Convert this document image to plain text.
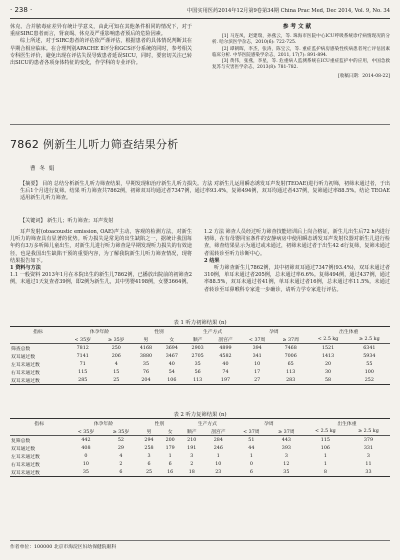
· 238 ·	中国实用医药2014年12月第9卷第34期 China Prac Med, Dec 2014, Vol. 9, No. 34

休克、合并脓毒症差异有统计学意义，由此可知在其他条件相同的情况下，对于重症SIRC患者而言，肾衰竭、休克及严重影响患者预后的危险因素。

综上所述，对于SIRC患者的评估依严谨评估，根据患者的具体情况判断其在早期合相应临床。在合理判别APACHE Ⅱ评分和GCS评分系统的同时，参考相关专科医生评价，避免出现在评估失误导致患者延误SICU，同时，要密切关注已转出SICU的患者各项身体特征的变化，作学科的专业评价。

参 考 文 献

[1] 马连凤，赵建瑞，孙燕云，等. 珠海市医院中心ICU呼吸系统诊疗病情现况的分析. 哈尔滨医学杂志，2010(6): 722-725.

[2] 谭朝晖，李杰，张涛，陈宝云，等. 重症监护病房感染性疾病患者死亡评估因素临床分析. 中华医院感染学杂志，2011, 17(7): 891-894.

[3] 黄伟，张燕，李星，等. 危重病人监测系统在ICU重症监护中的应用，中国急救复苏与灾害医学杂志，2013(8): 781-782.

[收稿日期：2014-08-22]
7862 例新生儿听力筛查结果分析
曹 冬 娟
【摘要】 目的 总结分析新生儿听力筛查结果，早期发现和治疗新生儿听力损失。方法 对新生儿运用瞬态诱发耳声发射(TEOAE)进行听力初筛，初筛未通过者，于出生后1个月进行复筛。结果 听力筛查共7862例，初筛双耳均通过者7347例，通过率93.4%，复筛494例，双耳均通过者437例，复筛通过率88.5%。结论 TEOAE适用新生儿听力筛查。
【关键词】 新生儿；听力筛查；耳声发射

耳声发射(otoacoustic emission, OAE)声主动、客观的检测方法，对新生儿听力的筛查具有显著的优势。听力损失是常见的出生缺陷之一，据统计我国每年约有3万多听障儿童出生，对新生儿进行听力筛查是早期发现听力损失的有效途径，也是我国出生缺陷干预的重要内容，为了解我院新生儿听力筛查情况，现将结果报告如下。

1 资料与方法

1.1 一般资料 2013年1月在本院出生的新生儿7862例，已播放出院前的初筛查2例，末通过1天复查者39例，即2例为新生儿，其中男婴4198例，女婴3664例。

1.2 方法 筛查人员经过听力筛查技能培训后上岗合格证，新生儿出生后72 h内进行初筛，在有母婴同室条件的安静病房中使用瞬态诱发耳声发射仪器对新生儿进行检查，筛查结果显示为通过或未通过，初筛未通过者于出生42 d行复筛，复筛未通过者需转诊至听力诊断中心。

2 结果

听力筛查新生儿7862例，其中初筛双耳通过7347例(93.4%)，双耳未通过者310例，单耳未通过者205例，总未通过率6.6%。复筛494例，通过437例，通过率88.5%，双耳未通过者41例，单耳未通过者16例，总未通过率11.5%。未通过者转诊至耳鼻喉科专家进一步确诊，请听力学专家进行评估。

表 1 听力初筛结果 (n)
指标	体孕年龄		性别		生产方式		孕周		出生体重	
	< 35岁	≥ 35岁	男	女	顺产	剖宫产	< 37周	≥ 37周	< 2.5 kg	≥ 2.5 kg
筛查总数	7812	250	4168	3694	2903	4899	394	7468	1521	6341
双耳通过数	7141	206	3880	3467	2705	4582	341	7006	1413	5934
左耳未通过数	71	4	35	40	35	40	10	65	20	55
右耳未通过数	115	15	76	54	56	74	17	113	30	100
双耳未通过数	285	25	204	106	113	197	27	283	58	252
表 2 听力复筛结果 (n)
指标	体孕年龄		性别		生产方式		孕周		出生体重	
	< 35岁	≥ 35岁	男	女	顺产	剖宫产	< 37周	≥ 37周	< 2.5 kg	≥ 2.5 kg
复筛总数	442	52	294	200	210	284	51	443	115	379
双耳通过数	408	29	258	179	191	246	44	393	106	331
左耳未通过数	0	4	3	1	3	1	1	3	1	3
右耳未通过数	10	2	6	6	2	10	0	12	1	11
双耳未通过数	35	6	25	16	18	23	6	35	8	33
作者单位：100000 北京市海淀区妇幼保健院眼科
